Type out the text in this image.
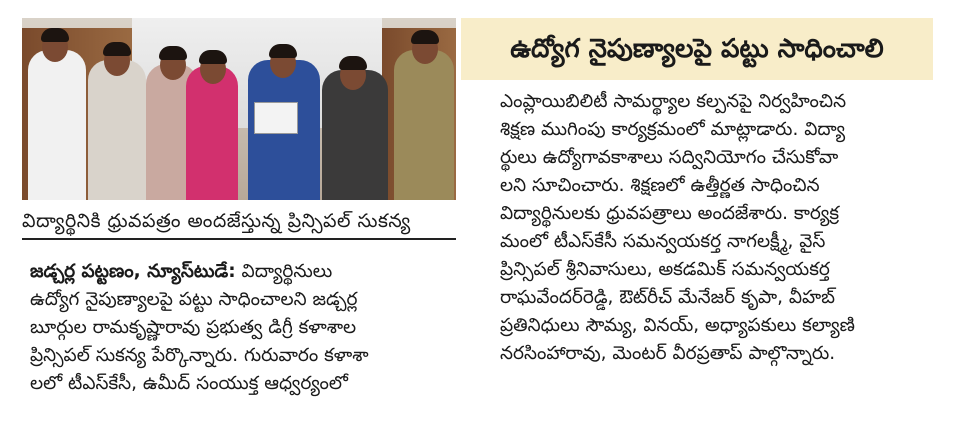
విద్యార్థినికి ధ్రువపత్రం అందజేస్తున్న ప్రిన్సిపల్ సుకన్య
ఉద్యోగ నైపుణ్యాలపై పట్టు సాధించాలి
జడ్చర్ల పట్టణం, న్యూస్‌టుడే: విద్యార్థినులు
ఉద్యోగ నైపుణ్యాలపై పట్టు సాధించాలని జడ్చర్ల
బూర్గుల రామకృష్ణారావు ప్రభుత్వ డిగ్రీ కళాశాల
ప్రిన్సిపల్ సుకన్య పేర్కొన్నారు. గురువారం కళాశా
లలో టీఎస్‌కేసీ, ఉమీద్ సంయుక్త ఆధ్వర్యంలో
ఎంప్లాయిబిలిటీ సామర్థ్యాల కల్పనపై నిర్వహించిన
శిక్షణ ముగింపు కార్యక్రమంలో మాట్లాడారు. విద్యా
ర్థులు ఉద్యోగావకాశాలు సద్వినియోగం చేసుకోవా
లని సూచించారు. శిక్షణలో ఉత్తీర్ణత సాధించిన
విద్యార్థినులకు ధ్రువపత్రాలు అందజేశారు. కార్యక్ర
మంలో టీఎస్‌కేసీ సమన్వయకర్త నాగలక్ష్మీ, వైస్
ప్రిన్సిపల్ శ్రీనివాసులు, అకడమిక్ సమన్వయకర్త
రాఘవేందర్‌రెడ్డి, ఔట్‌రీచ్ మేనేజర్ కృపా, వీహబ్
ప్రతినిధులు సౌమ్య, వినయ్, అధ్యాపకులు కల్యాణి
నరసింహారావు, మెంటర్ వీరప్రతాప్ పాల్గొన్నారు.
